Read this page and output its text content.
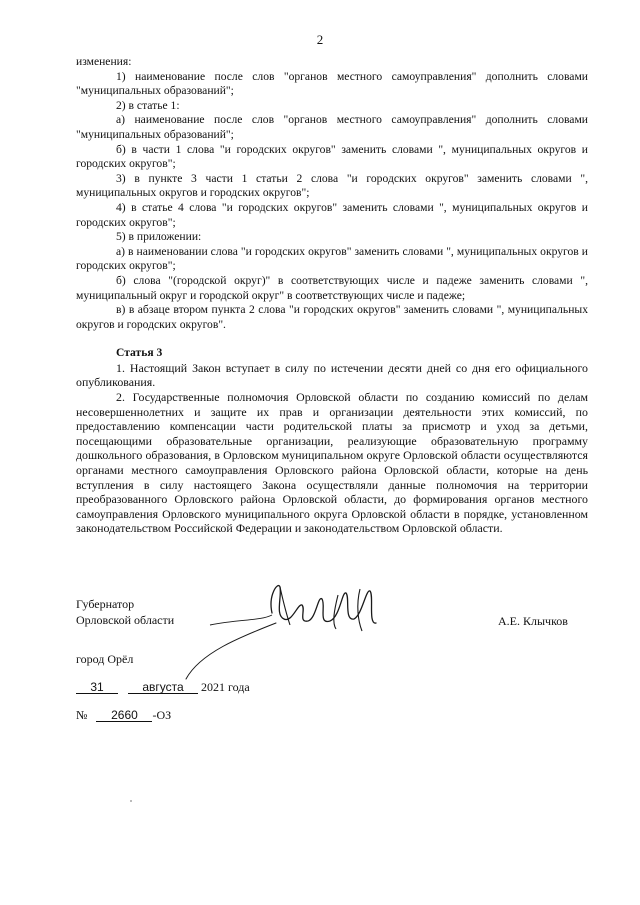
2

изменения:

1) наименование после слов "органов местного самоуправления" дополнить словами "муниципальных образований";

2) в статье 1:

а) наименование после слов "органов местного самоуправления" дополнить словами "муниципальных образований";

б) в части 1 слова "и городских округов" заменить словами ", муниципальных округов и городских округов";

3) в пункте 3 части 1 статьи 2 слова "и городских округов" заменить словами ", муниципальных округов и городских округов";

4) в статье 4 слова "и городских округов" заменить словами ", муниципальных округов и городских округов";

5) в приложении:

а) в наименовании слова "и городских округов" заменить словами ", муниципальных округов и городских округов";

б) слова "(городской округ)" в соответствующих числе и падеже заменить словами ", муниципальный округ и городской округ" в соответствующих числе и падеже;

в) в абзаце втором пункта 2 слова "и городских округов" заменить словами ", муниципальных округов и городских округов".

Статья 3

1. Настоящий Закон вступает в силу по истечении десяти дней со дня его официального опубликования.

2. Государственные полномочия Орловской области по созданию комиссий по делам несовершеннолетних и защите их прав и организации деятельности этих комиссий, по предоставлению компенсации части родительской платы за присмотр и уход за детьми, посещающими образовательные организации, реализующие образовательную программу дошкольного образования, в Орловском муниципальном округе Орловской области осуществляются органами местного самоуправления Орловского района Орловской области, которые на день вступления в силу настоящего Закона осуществляли данные полномочия на территории преобразованного Орловского района Орловской области, до формирования органов местного самоуправления Орловского муниципального округа Орловской области в порядке, установленном законодательством Российской Федерации и законодательством Орловской области.

Губернатор
Орловской области	А.Е. Клычков
город Орёл
31	августа 2021 года
№ 2660 -ОЗ
